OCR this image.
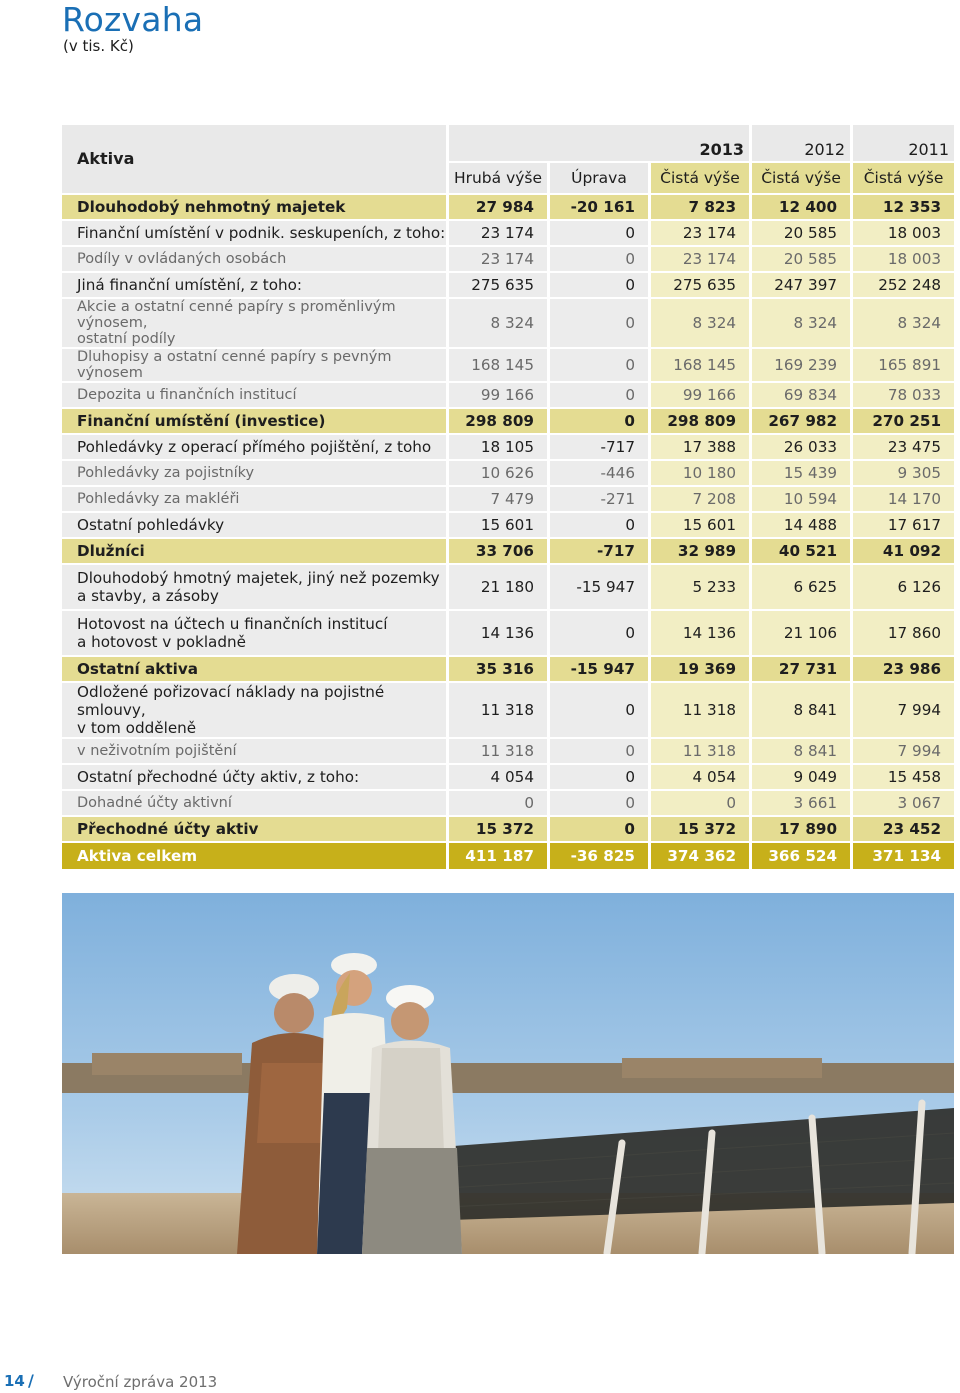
Rozvaha
(v tis. Kč)
Aktiva	2013			2012	2011
	Hrubá výše	Úprava	Čistá výše	Čistá výše	Čistá výše
Dlouhodobý nehmotný majetek	27 984	-20 161	7 823	12 400	12 353
Finanční umístění v podnik. seskupeních, z toho:	23 174	0	23 174	20 585	18 003
Podíly v ovládaných osobách	23 174	0	23 174	20 585	18 003
Jiná finanční umístění, z toho:	275 635	0	275 635	247 397	252 248
Akcie a ostatní cenné papíry s proměnlivým výnosem,
ostatní podíly	8 324	0	8 324	8 324	8 324
Dluhopisy a ostatní cenné papíry s pevným výnosem	168 145	0	168 145	169 239	165 891
Depozita u finančních institucí	99 166	0	99 166	69 834	78 033
Finanční umístění (investice)	298 809	0	298 809	267 982	270 251
Pohledávky z operací přímého pojištění, z toho	18 105	-717	17 388	26 033	23 475
Pohledávky za pojistníky	10 626	-446	10 180	15 439	9 305
Pohledávky za makléři	7 479	-271	7 208	10 594	14 170
Ostatní pohledávky	15 601	0	15 601	14 488	17 617
Dlužníci	33 706	-717	32 989	40 521	41 092
Dlouhodobý hmotný majetek, jiný než pozemky
a stavby, a zásoby	21 180	-15 947	5 233	6 625	6 126
Hotovost na účtech u finančních institucí
a hotovost v pokladně	14 136	0	14 136	21 106	17 860
Ostatní aktiva	35 316	-15 947	19 369	27 731	23 986
Odložené pořizovací náklady na pojistné smlouvy,
v tom odděleně	11 318	0	11 318	8 841	7 994
v neživotním pojištění	11 318	0	11 318	8 841	7 994
Ostatní přechodné účty aktiv, z toho:	4 054	0	4 054	9 049	15 458
Dohadné účty aktivní	0	0	0	3 661	3 067
Přechodné účty aktiv	15 372	0	15 372	17 890	23 452
Aktiva celkem	411 187	-36 825	374 362	366 524	371 134
14 / Výroční zpráva 2013
